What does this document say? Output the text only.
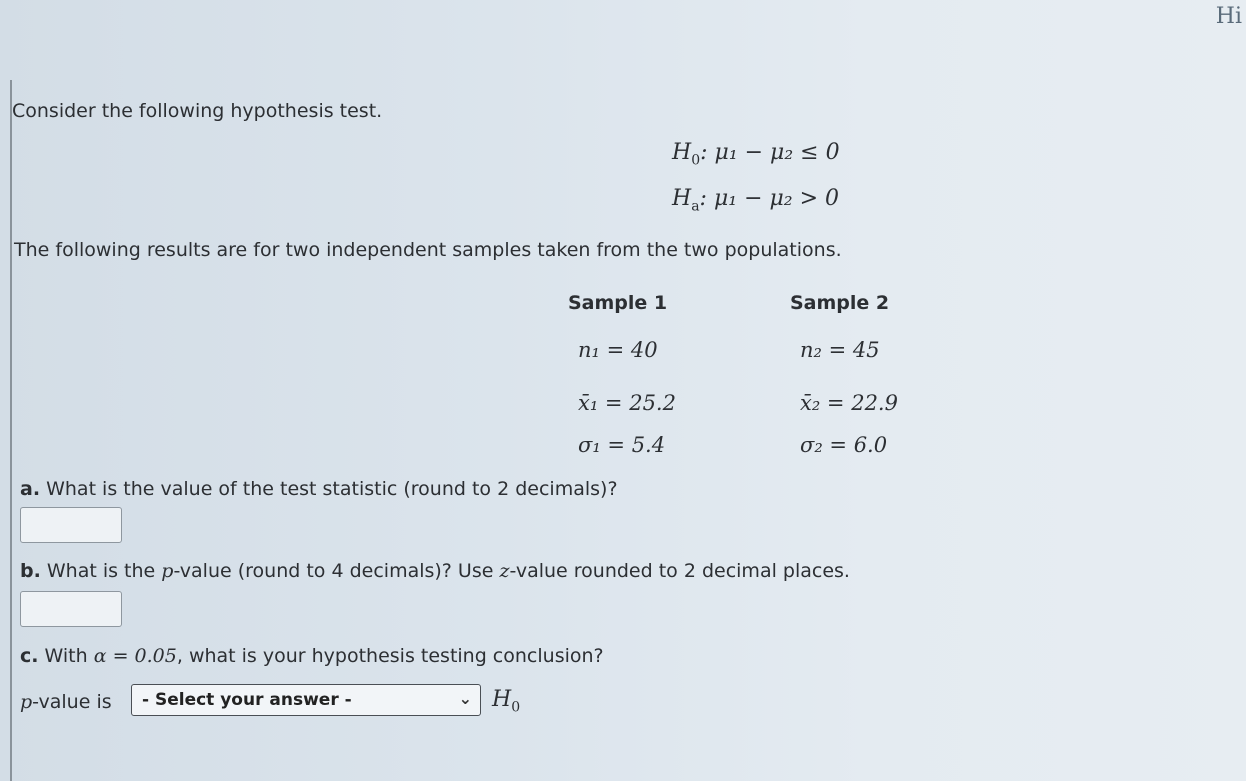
Hi
Consider the following hypothesis test.
$H_0$: μ₁ − μ₂ ≤ 0
$H_a$: μ₁ − μ₂ > 0
The following results are for two independent samples taken from the two populations.
Sample 1	Sample 2
n₁ = 40	n₂ = 45
x̄₁ = 25.2	x̄₂ = 22.9
σ₁ = 5.4	σ₂ = 6.0
a. What is the value of the test statistic (round to 2 decimals)?
b. What is the p-value (round to 4 decimals)? Use z-value rounded to 2 decimal places.
c. With α = 0.05, what is your hypothesis testing conclusion?
p-value is - Select your answer -	⌄ $H_0$
